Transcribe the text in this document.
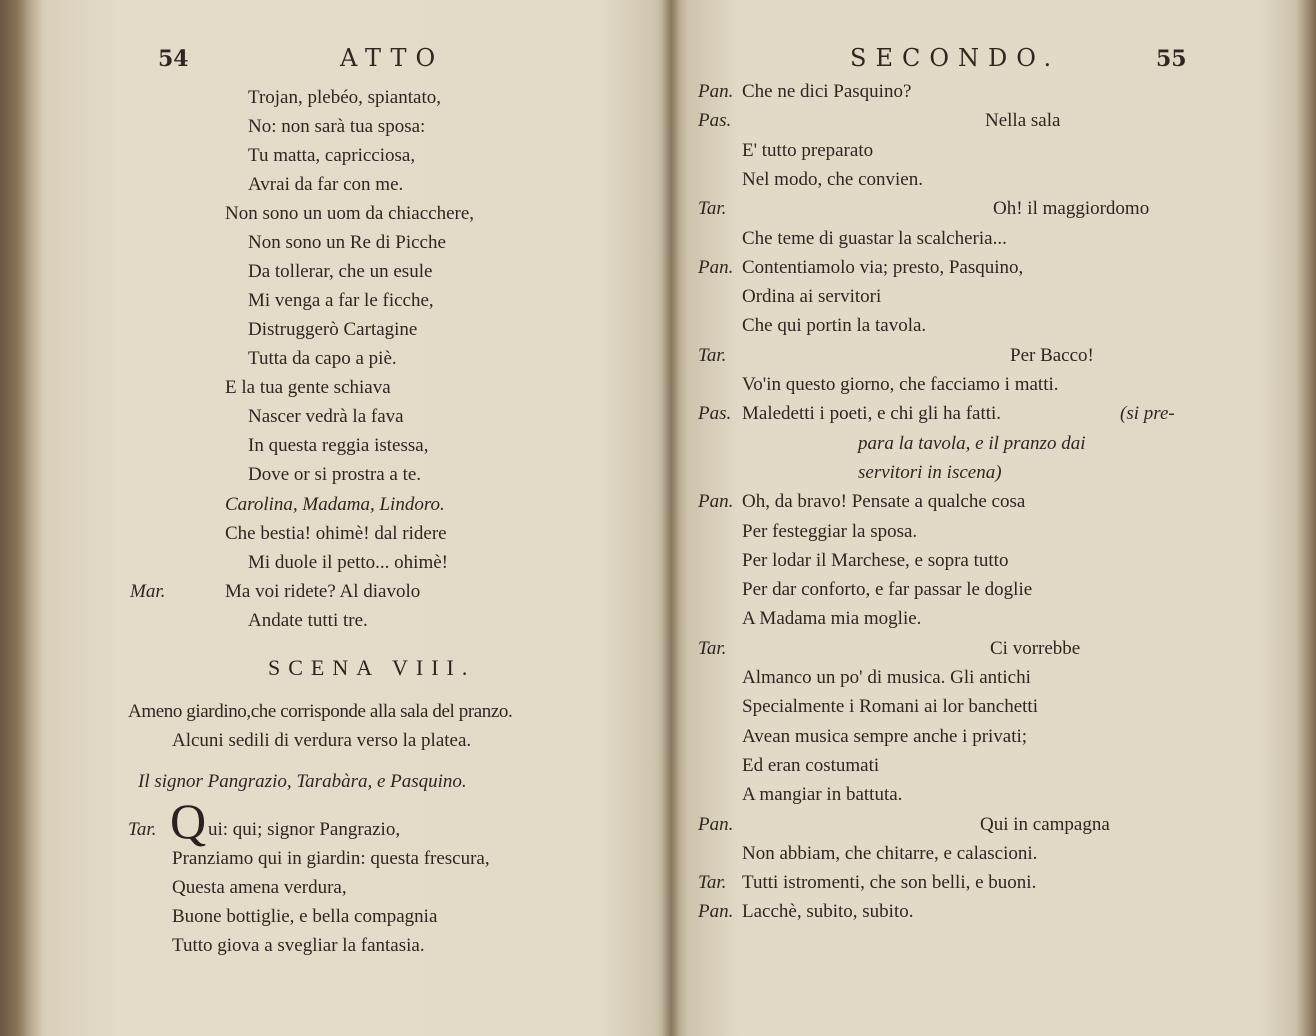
54	ATTO
Trojan, plebéo, spiantato,
No: non sarà tua sposa:
Tu matta, capricciosa,
Avrai da far con me.
Non sono un uom da chiacchere,
Non sono un Re di Picche
Da tollerar, che un esule
Mi venga a far le ficche,
Distruggerò Cartagine
Tutta da capo a piè.
E la tua gente schiava
Nascer vedrà la fava
In questa reggia istessa,
Dove or si prostra a te.
Carolina, Madama, Lindoro.
Che bestia! ohimè! dal ridere
Mi duole il petto... ohimè!
Mar.	Ma voi ridete? Al diavolo
Andate tutti tre.
SCENA VIII.
Ameno giardino,che corrisponde alla sala del pranzo.
Alcuni sedili di verdura verso la platea.
Il signor Pangrazio, Tarabàra, e Pasquino.
Tar. Q ui: qui; signor Pangrazio,
Pranziamo qui in giardin: questa frescura,
Questa amena verdura,
Buone bottiglie, e bella compagnia
Tutto giova a svegliar la fantasia.
SECONDO.	55
Pan. Che ne dici Pasquino?
Pas.	Nella sala
E' tutto preparato
Nel modo, che convien.
Tar.	Oh! il maggiordomo
Che teme di guastar la scalcheria...
Pan. Contentiamolo via; presto, Pasquino,
Ordina ai servitori
Che qui portin la tavola.
Tar.	Per Bacco!
Vo'in questo giorno, che facciamo i matti.
Pas. Maledetti i poeti, e chi gli ha fatti.	(si pre-
para la tavola, e il pranzo dai
servitori in iscena)
Pan. Oh, da bravo! Pensate a qualche cosa
Per festeggiar la sposa.
Per lodar il Marchese, e sopra tutto
Per dar conforto, e far passar le doglie
A Madama mia moglie.
Tar.	Ci vorrebbe
Almanco un po' di musica. Gli antichi
Specialmente i Romani ai lor banchetti
Avean musica sempre anche i privati;
Ed eran costumati
A mangiar in battuta.
Pan.	Qui in campagna
Non abbiam, che chitarre, e calascioni.
Tar. Tutti istromenti, che son belli, e buoni.
Pan. Lacchè, subito, subito.
